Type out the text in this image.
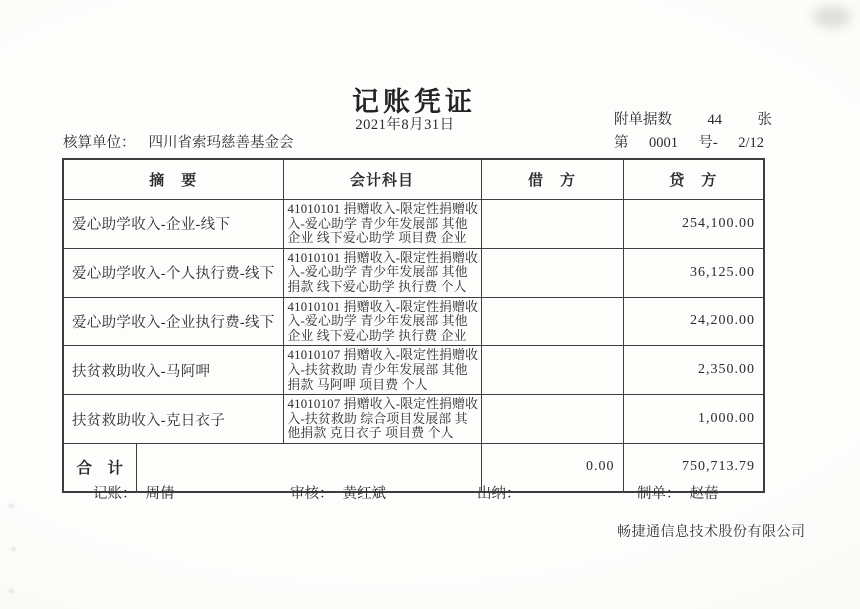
记账凭证
2021年8月31日	附单据数 44 张
第 0001 号- 2/12
核算单位： 四川省索玛慈善基金会
摘　要		会计科目	借　方	贷　方
爱心助学收入-企业-线下		41010101 捐赠收入-限定性捐赠收入-爱心助学 青少年发展部 其他企业 线下爱心助学 项目费 企业		254,100.00
爱心助学收入-个人执行费-线下		41010101 捐赠收入-限定性捐赠收入-爱心助学 青少年发展部 其他捐款 线下爱心助学 执行费 个人		36,125.00
爱心助学收入-企业执行费-线下		41010101 捐赠收入-限定性捐赠收入-爱心助学 青少年发展部 其他企业 线下爱心助学 执行费 企业		24,200.00
扶贫救助收入-马阿呷		41010107 捐赠收入-限定性捐赠收入-扶贫救助 青少年发展部 其他捐款 马阿呷 项目费 个人		2,350.00
扶贫救助收入-克日衣子		41010107 捐赠收入-限定性捐赠收入-扶贫救助 综合项目发展部 其他捐款 克日衣子 项目费 个人		1,000.00
合　计			0.00	750,713.79
记账： 周倩	审核： 黄红斌	出纳：	制单： 赵蓓
畅捷通信息技术股份有限公司
